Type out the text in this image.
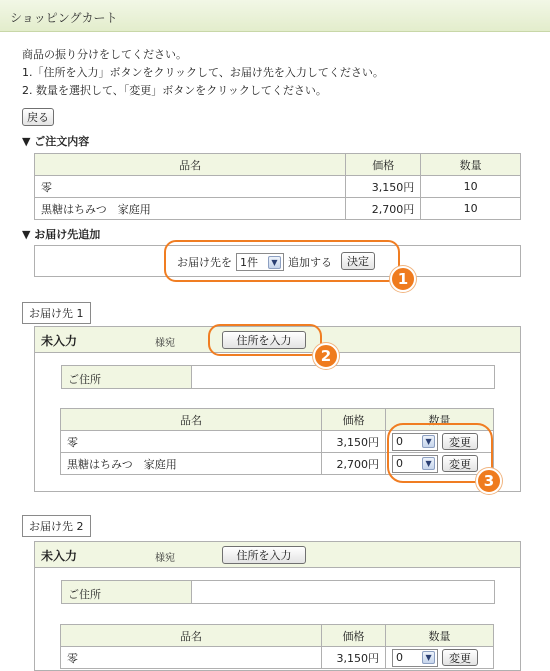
ショッピングカート
商品の振り分けをしてください。
1.「住所を入力」ボタンをクリックして、お届け先を入力してください。
2. 数量を選択して、「変更」ボタンをクリックしてください。
戻る
▼ ご注文内容
品名	価格	数量
零	3,150円	10
黒糖はちみつ　家庭用	2,700円	10
▼ お届け先追加
お届け先を 1件	▼ 追加する	決定
1
お届け先 1
未入力	様宛	住所を入力
ご住所
品名	価格	数量
零	3,150円	0 ▼ 変更

黒糖はちみつ　家庭用	2,700円	0 ▼ 変更
2
3
お届け先 2
未入力	様宛	住所を入力
ご住所
品名	価格	数量
零	3,150円	0 ▼ 変更
